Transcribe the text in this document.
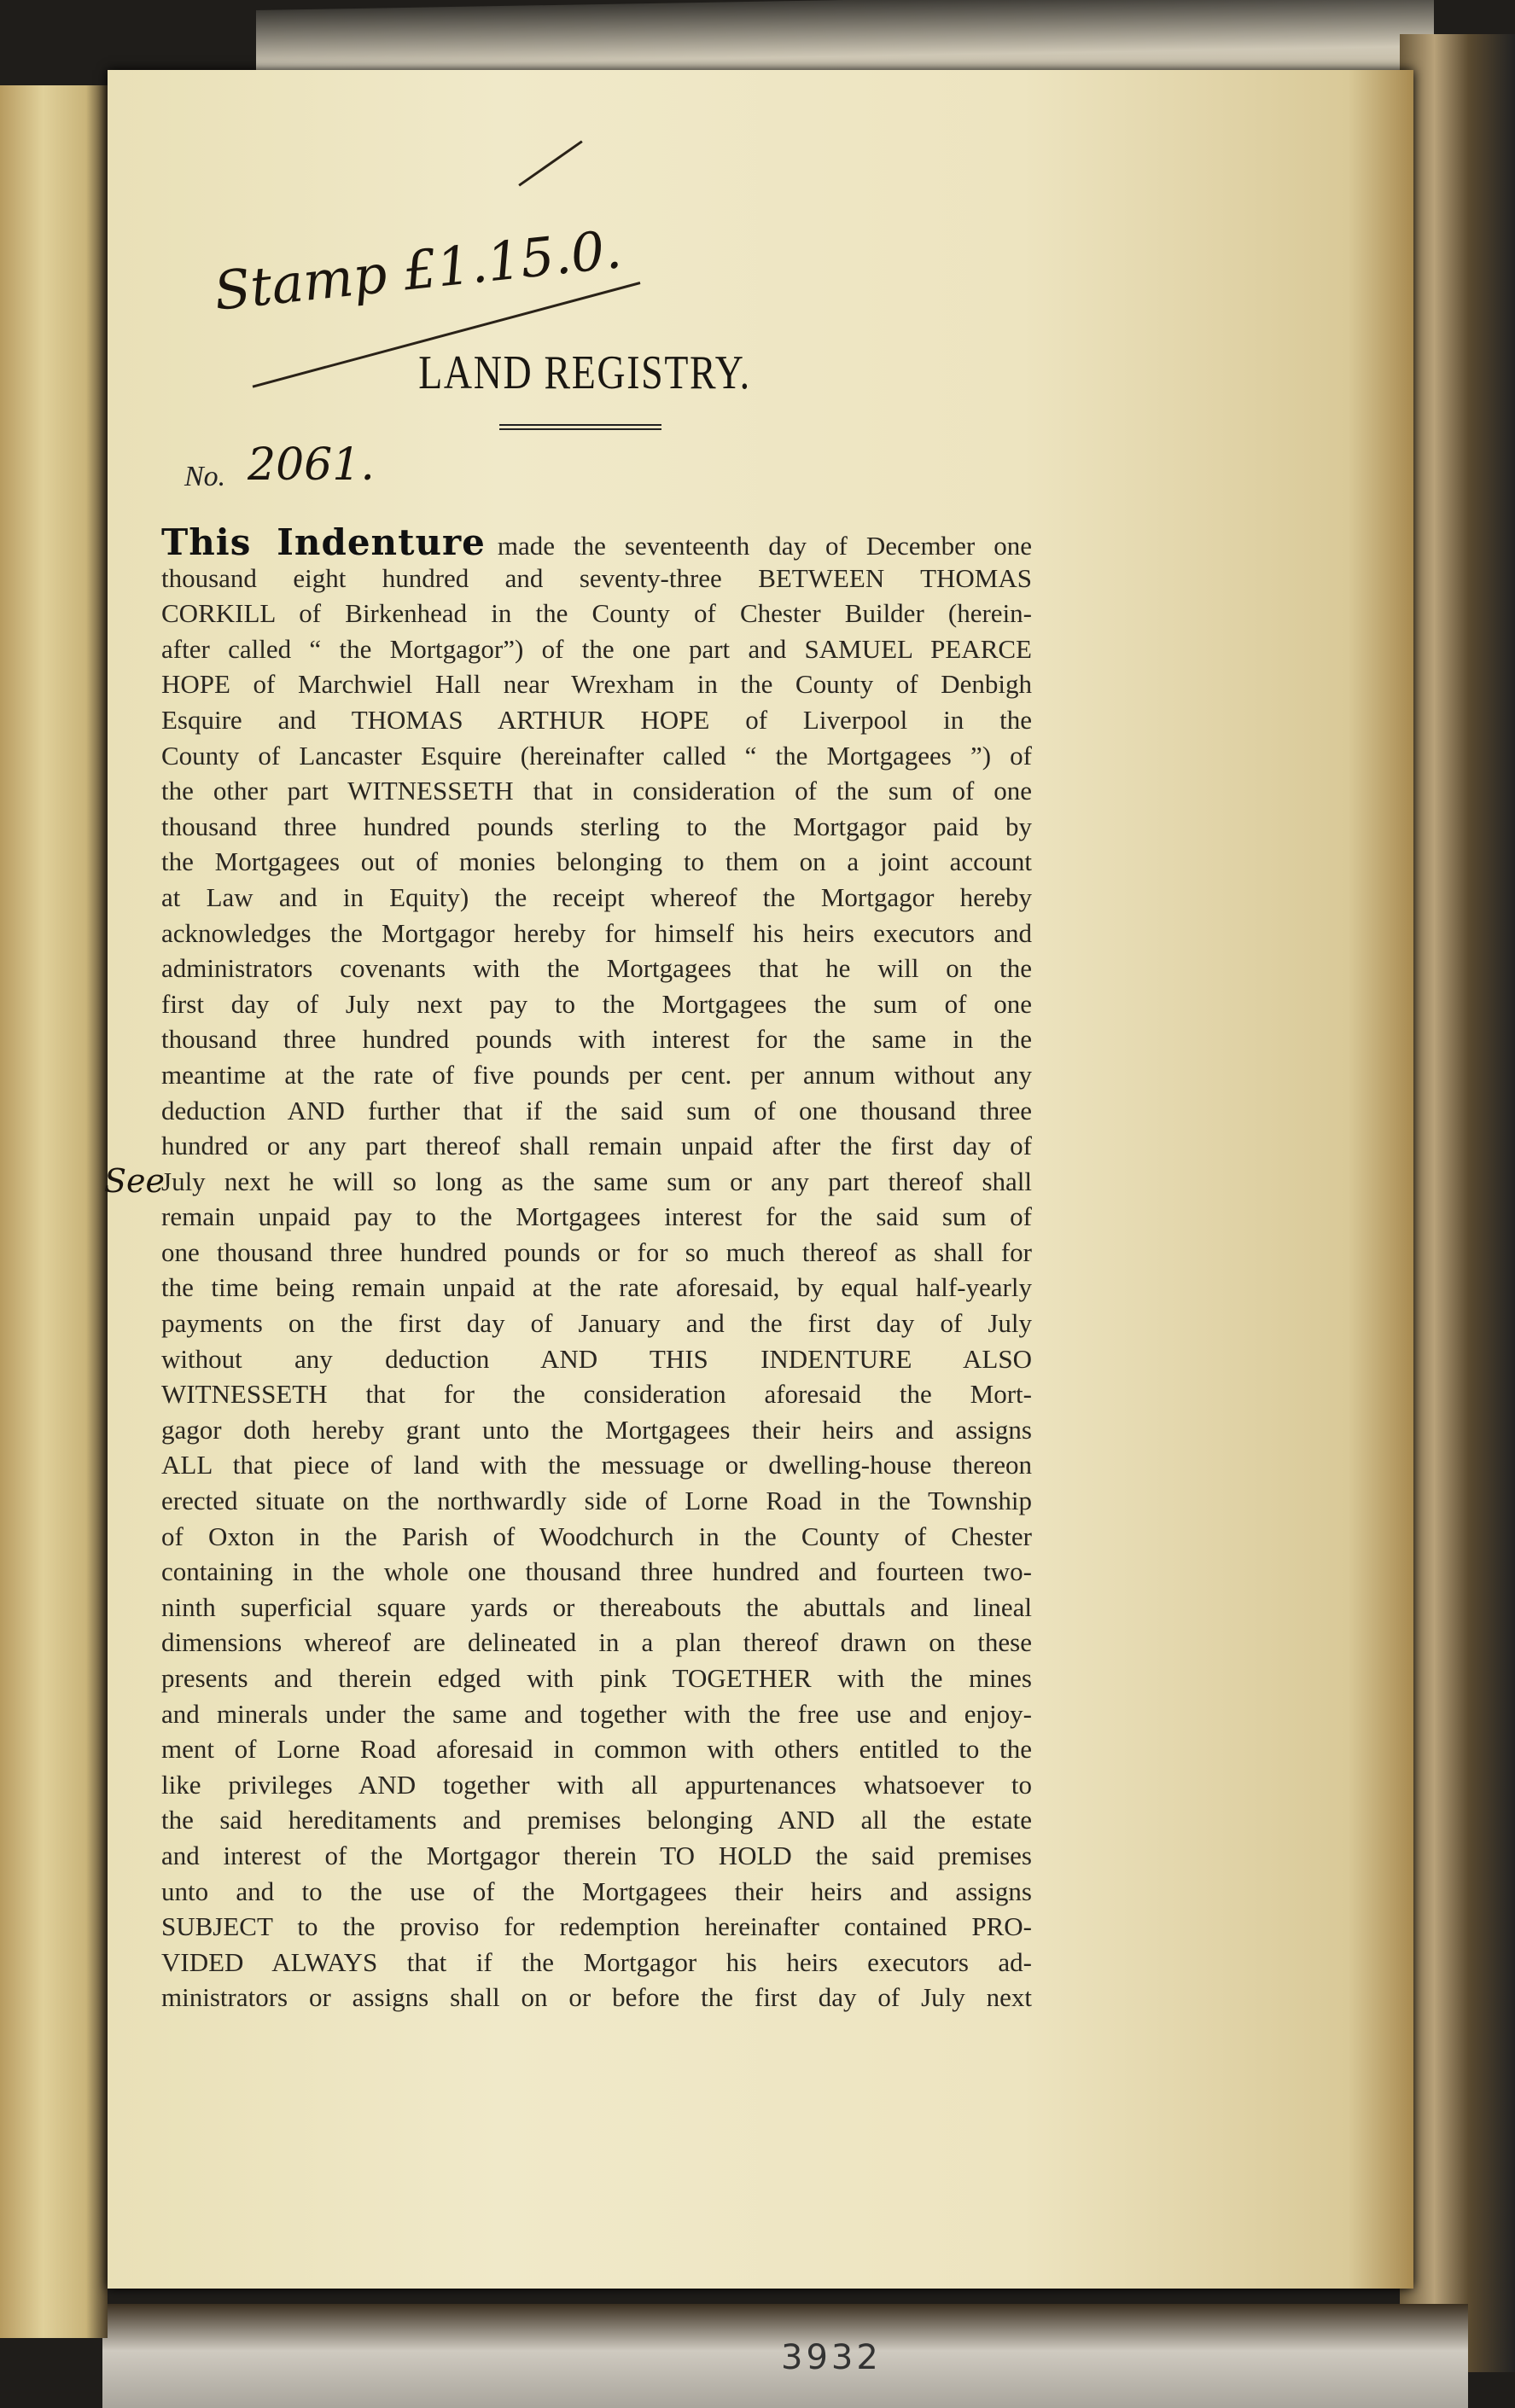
Stamp £1.15.0.
LAND REGISTRY.
No. 2061.
See
This Indenture made the seventeenth day of December one
thousand eight hundred and seventy-three BETWEEN THOMAS
CORKILL of Birkenhead in the County of Chester Builder (herein-
after called “ the Mortgagor”) of the one part and SAMUEL PEARCE
HOPE of Marchwiel Hall near Wrexham in the County of Denbigh
Esquire and THOMAS ARTHUR HOPE of Liverpool in the
County of Lancaster Esquire (hereinafter called “ the Mortgagees ”) of
the other part WITNESSETH that in consideration of the sum of one
thousand three hundred pounds sterling to the Mortgagor paid by
the Mortgagees out of monies belonging to them on a joint account
at Law and in Equity) the receipt whereof the Mortgagor hereby
acknowledges the Mortgagor hereby for himself his heirs executors and
administrators covenants with the Mortgagees that he will on the
first day of July next pay to the Mortgagees the sum of one
thousand three hundred pounds with interest for the same in the
meantime at the rate of five pounds per cent. per annum without any
deduction AND further that if the said sum of one thousand three
hundred or any part thereof shall remain unpaid after the first day of
July next he will so long as the same sum or any part thereof shall
remain unpaid pay to the Mortgagees interest for the said sum of
one thousand three hundred pounds or for so much thereof as shall for
the time being remain unpaid at the rate aforesaid, by equal half-yearly
payments on the first day of January and the first day of July
without any deduction AND THIS INDENTURE ALSO
WITNESSETH that for the consideration aforesaid the Mort-
gagor doth hereby grant unto the Mortgagees their heirs and assigns
ALL that piece of land with the messuage or dwelling-house thereon
erected situate on the northwardly side of Lorne Road in the Township
of Oxton in the Parish of Woodchurch in the County of Chester
containing in the whole one thousand three hundred and fourteen two-
ninth superficial square yards or thereabouts the abuttals and lineal
dimensions whereof are delineated in a plan thereof drawn on these
presents and therein edged with pink TOGETHER with the mines
and minerals under the same and together with the free use and enjoy-
ment of Lorne Road aforesaid in common with others entitled to the
like privileges AND together with all appurtenances whatsoever to
the said hereditaments and premises belonging AND all the estate
and interest of the Mortgagor therein TO HOLD the said premises
unto and to the use of the Mortgagees their heirs and assigns
SUBJECT to the proviso for redemption hereinafter contained PRO-
VIDED ALWAYS that if the Mortgagor his heirs executors ad-
ministrators or assigns shall on or before the first day of July next
3932
